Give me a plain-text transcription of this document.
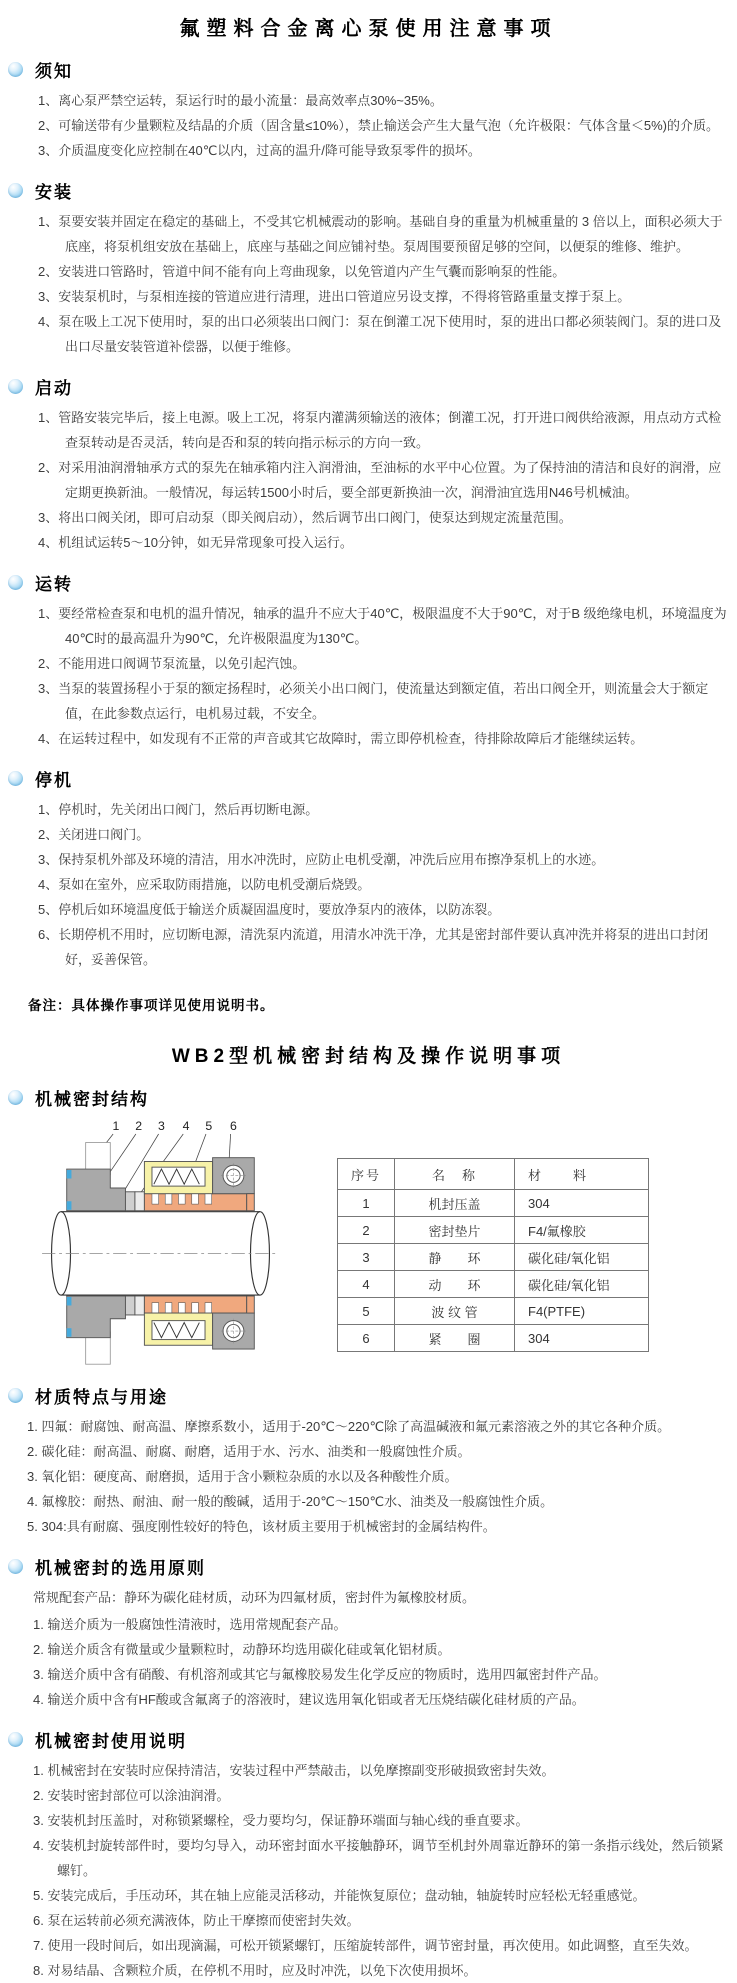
氟塑料合金离心泵使用注意事项
须知
1、离心泵严禁空运转，泵运行时的最小流量：最高效率点30%~35%。
2、可输送带有少量颗粒及结晶的介质（固含量≤10%），禁止输送会产生大量气泡（允许极限：气体含量＜5%)的介质。
3、介质温度变化应控制在40℃以内，过高的温升/降可能导致泵零件的损坏。
安装
1、泵要安装并固定在稳定的基础上，不受其它机械震动的影响。基础自身的重量为机械重量的 3 倍以上，面积必须大于底座，将泵机组安放在基础上，底座与基础之间应铺衬垫。泵周围要预留足够的空间，以便泵的维修、维护。
2、安装进口管路时，管道中间不能有向上弯曲现象，以免管道内产生气囊而影响泵的性能。
3、安装泵机时，与泵相连接的管道应进行清理，进出口管道应另设支撑，不得将管路重量支撑于泵上。
4、泵在吸上工况下使用时，泵的出口必须装出口阀门：泵在倒灌工况下使用时，泵的进出口都必须装阀门。泵的进口及出口尽量安装管道补偿器，以便于维修。
启动
1、管路安装完毕后，接上电源。吸上工况，将泵内灌满须输送的液体；倒灌工况，打开进口阀供给液源，用点动方式检查泵转动是否灵活，转向是否和泵的转向指示标示的方向一致。
2、对采用油润滑轴承方式的泵先在轴承箱内注入润滑油，至油标的水平中心位置。为了保持油的清洁和良好的润滑，应定期更换新油。一般情况，每运转1500小时后，要全部更新换油一次，润滑油宜选用N46号机械油。
3、将出口阀关闭，即可启动泵（即关阀启动），然后调节出口阀门，使泵达到规定流量范围。
4、机组试运转5～10分钟，如无异常现象可投入运行。
运转
1、要经常检查泵和电机的温升情况，轴承的温升不应大于40℃，极限温度不大于90℃，对于B 级绝缘电机，环境温度为40℃时的最高温升为90℃，允许极限温度为130℃。
2、不能用进口阀调节泵流量，以免引起汽蚀。
3、当泵的装置扬程小于泵的额定扬程时，必须关小出口阀门，使流量达到额定值，若出口阀全开，则流量会大于额定值，在此参数点运行，电机易过载，不安全。
4、在运转过程中，如发现有不正常的声音或其它故障时，需立即停机检查，待排除故障后才能继续运转。
停机
1、停机时，先关闭出口阀门，然后再切断电源。
2、关闭进口阀门。
3、保持泵机外部及环境的清洁，用水冲洗时，应防止电机受潮，冲洗后应用布擦净泵机上的水迹。
4、泵如在室外，应采取防雨措施，以防电机受潮后烧毁。
5、停机后如环境温度低于输送介质凝固温度时，要放净泵内的液体，以防冻裂。
6、长期停机不用时，应切断电源，清洗泵内流道，用清水冲洗干净，尤其是密封部件要认真冲洗并将泵的进出口封闭好，妥善保管。
备注：具体操作事项详见使用说明书。
WB2型机械密封结构及操作说明事项
机械密封结构
1 2 3 4 5 6
序号	名　称	材　　料
1	机封压盖	304
2	密封垫片	F4/氟橡胶
3	静　　环	碳化硅/氧化铝
4	动　　环	碳化硅/氧化铝
5	波 纹 管	F4(PTFE)
6	紧　　圈	304
材质特点与用途
1. 四氟：耐腐蚀、耐高温、摩擦系数小，适用于-20℃～220℃除了高温碱液和氟元素溶液之外的其它各种介质。
2. 碳化硅：耐高温、耐腐、耐磨，适用于水、污水、油类和一般腐蚀性介质。
3. 氧化铝：硬度高、耐磨损，适用于含小颗粒杂质的水以及各种酸性介质。
4. 氟橡胶：耐热、耐油、耐一般的酸碱，适用于-20℃～150℃水、油类及一般腐蚀性介质。
5. 304:具有耐腐、强度刚性较好的特色，该材质主要用于机械密封的金属结构件。
机械密封的选用原则
常规配套产品：静环为碳化硅材质，动环为四氟材质，密封件为氟橡胶材质。
1. 输送介质为一般腐蚀性清液时，选用常规配套产品。
2. 输送介质含有微量或少量颗粒时，动静环均选用碳化硅或氧化铝材质。
3. 输送介质中含有硝酸、有机溶剂或其它与氟橡胶易发生化学反应的物质时，选用四氟密封件产品。
4. 输送介质中含有HF酸或含氟离子的溶液时，建议选用氧化铝或者无压烧结碳化硅材质的产品。
机械密封使用说明
1. 机械密封在安装时应保持清洁，安装过程中严禁敲击，以免摩擦副变形破损致密封失效。
2. 安装时密封部位可以涂油润滑。
3. 安装机封压盖时，对称锁紧螺栓，受力要均匀，保证静环端面与轴心线的垂直要求。
4. 安装机封旋转部件时，要均匀导入，动环密封面水平接触静环，调节至机封外周靠近静环的第一条指示线处，然后锁紧螺钉。
5. 安装完成后，手压动环，其在轴上应能灵活移动，并能恢复原位；盘动轴，轴旋转时应轻松无轻重感觉。
6. 泵在运转前必须充满液体，防止干摩擦而使密封失效。
7. 使用一段时间后，如出现滴漏，可松开锁紧螺钉，压缩旋转部件，调节密封量，再次使用。如此调整，直至失效。
8. 对易结晶、含颗粒介质，在停机不用时，应及时冲洗，以免下次使用损坏。
